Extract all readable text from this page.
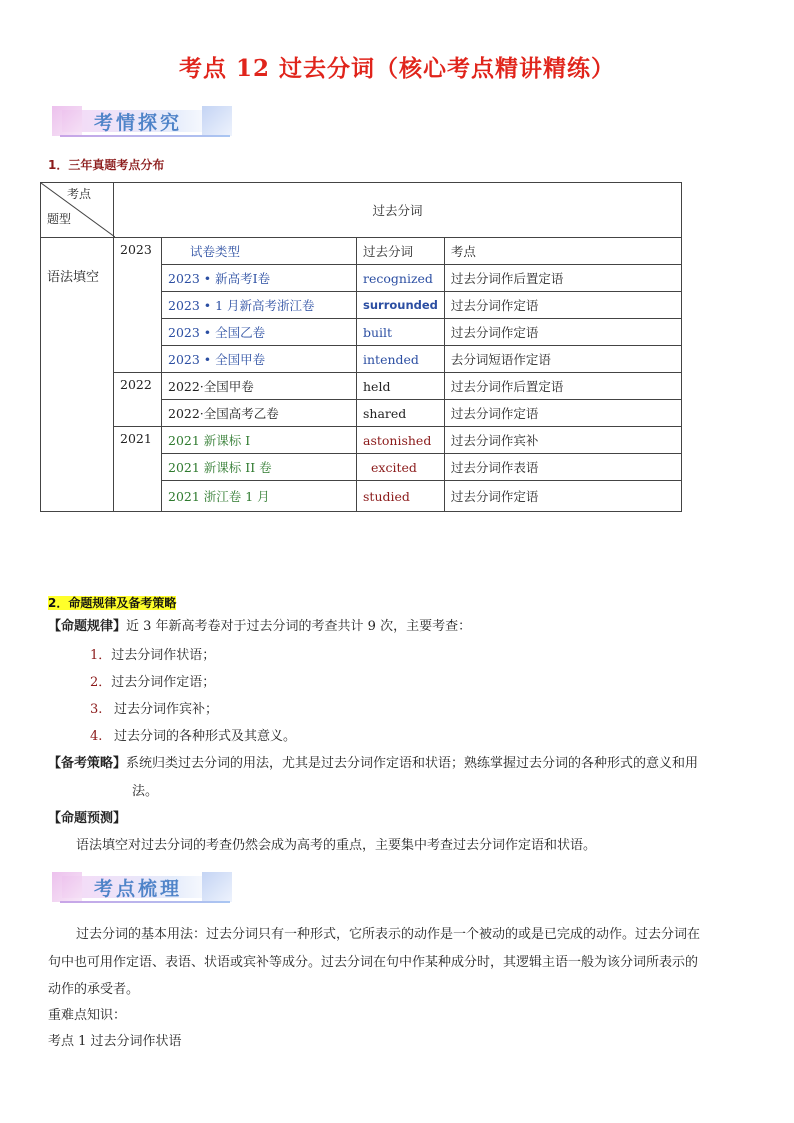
考点 12 过去分词（核心考点精讲精练）
考情探究
1．三年真题考点分布
考点
题型	过去分词			
语法填空	2023	试卷类型	过去分词	考点
		2023 • 新高考Ⅰ卷	recognized	过去分词作后置定语
		2023 • 1 月新高考浙江卷	surrounded	过去分词作定语
		2023 • 全国乙卷	built	过去分词作定语
		2023 • 全国甲卷	intended	去分词短语作定语
	2022	2022·全国甲卷	held	过去分词作后置定语
		2022·全国高考乙卷	shared	过去分词作定语
	2021	2021 新课标 I	astonished	过去分词作宾补
		2021 新课标 II 卷	excited	过去分词作表语
		2021 浙江卷 1 月	studied	过去分词作定语
2．命题规律及备考策略
【命题规律】近 3 年新高考卷对于过去分词的考查共计 9 次，主要考查：
1．过去分词作状语；
2．过去分词作定语；
3. 过去分词作宾补；
4. 过去分词的各种形式及其意义。
【备考策略】系统归类过去分词的用法，尤其是过去分词作定语和状语；熟练掌握过去分词的各种形式的意义和用
法。
【命题预测】
语法填空对过去分词的考查仍然会成为高考的重点，主要集中考查过去分词作定语和状语。
考点梳理
过去分词的基本用法：过去分词只有一种形式，它所表示的动作是一个被动的或是已完成的动作。过去分词在
句中也可用作定语、表语、状语或宾补等成分。过去分词在句中作某种成分时，其逻辑主语一般为该分词所表示的
动作的承受者。
重难点知识：
考点 1 过去分词作状语
